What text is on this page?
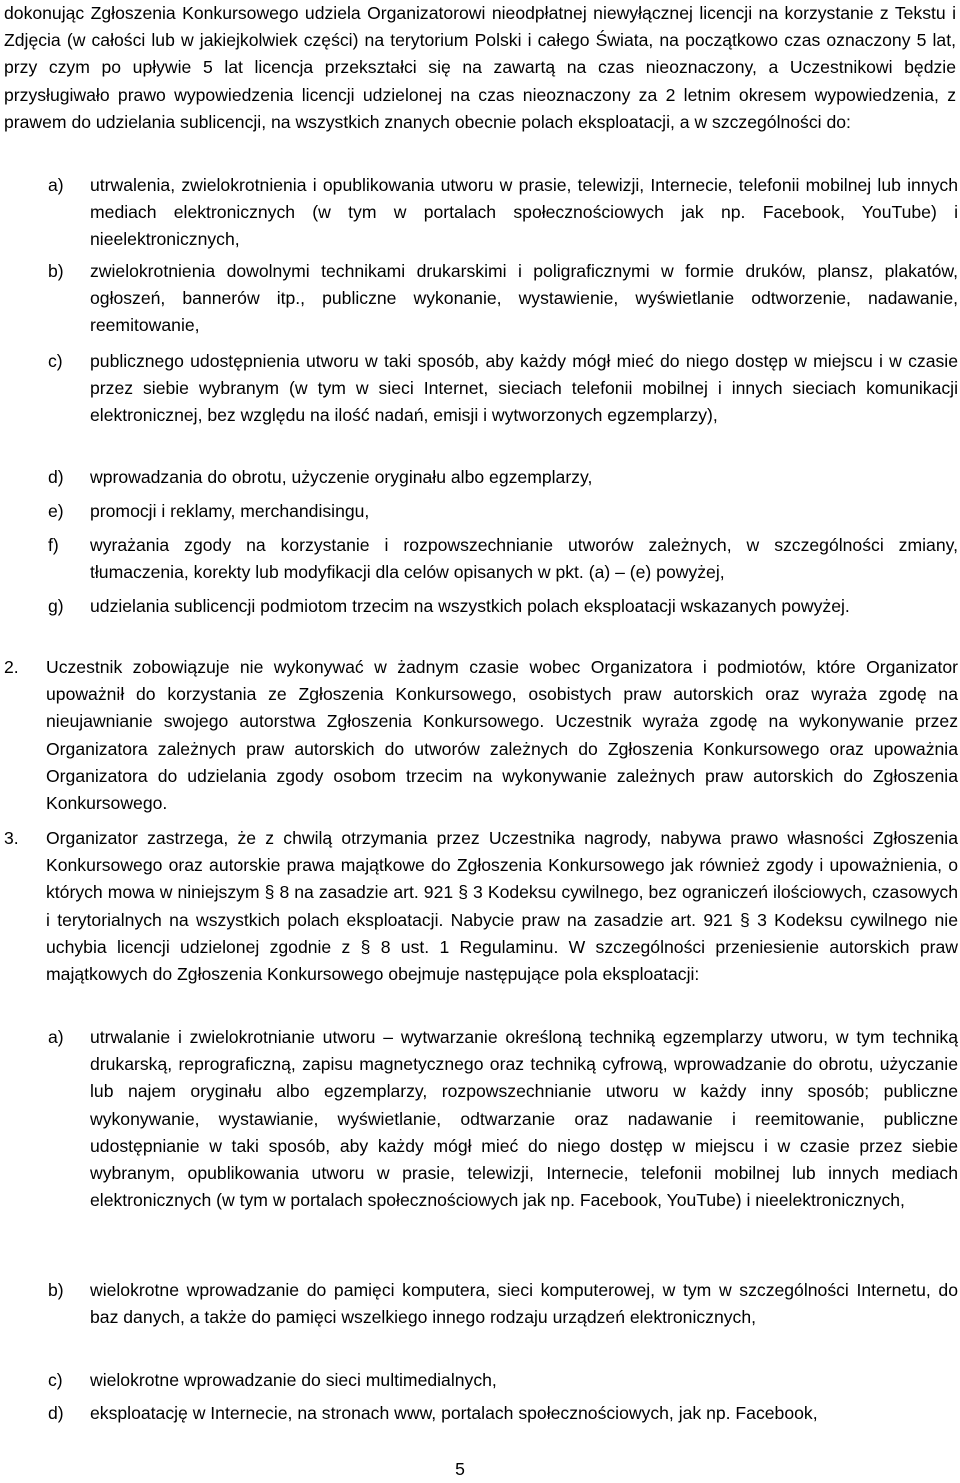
dokonując Zgłoszenia Konkursowego udziela Organizatorowi nieodpłatnej niewyłącznej licencji na korzystanie z Tekstu i Zdjęcia (w całości lub w jakiejkolwiek części) na terytorium Polski i całego Świata, na początkowo czas oznaczony 5 lat, przy czym po upływie 5 lat licencja przekształci się na zawartą na czas nieoznaczony, a Uczestnikowi będzie przysługiwało prawo wypowiedzenia licencji udzielonej na czas nieoznaczony za 2 letnim okresem wypowiedzenia, z prawem do udzielania sublicencji, na wszystkich znanych obecnie polach eksploatacji, a w szczególności do:

a)	utrwalenia, zwielokrotnienia i opublikowania utworu w prasie, telewizji, Internecie, telefonii mobilnej lub innych mediach elektronicznych (w tym w portalach społecznościowych jak np. Facebook, YouTube) i nieelektronicznych,
b)	zwielokrotnienia dowolnymi technikami drukarskimi i poligraficznymi w formie druków, plansz, plakatów, ogłoszeń, bannerów itp., publiczne wykonanie, wystawienie, wyświetlanie odtworzenie, nadawanie, reemitowanie,
c)	publicznego udostępnienia utworu w taki sposób, aby każdy mógł mieć do niego dostęp w miejscu i w czasie przez siebie wybranym (w tym w sieci Internet, sieciach telefonii mobilnej i innych sieciach komunikacji elektronicznej, bez względu na ilość nadań, emisji i wytworzonych egzemplarzy),
d)	wprowadzania do obrotu, użyczenie oryginału albo egzemplarzy,
e)	promocji i reklamy, merchandisingu,
f)	wyrażania zgody na korzystanie i rozpowszechnianie utworów zależnych, w szczególności zmiany, tłumaczenia, korekty lub modyfikacji dla celów opisanych w pkt. (a) – (e) powyżej,
g)	udzielania sublicencji podmiotom trzecim na wszystkich polach eksploatacji wskazanych powyżej.
2.	Uczestnik zobowiązuje nie wykonywać w żadnym czasie wobec Organizatora i podmiotów, które Organizator upoważnił do korzystania ze Zgłoszenia Konkursowego, osobistych praw autorskich oraz wyraża zgodę na nieujawnianie swojego autorstwa Zgłoszenia Konkursowego. Uczestnik wyraża zgodę na wykonywanie przez Organizatora zależnych praw autorskich do utworów zależnych do Zgłoszenia Konkursowego oraz upoważnia Organizatora do udzielania zgody osobom trzecim na wykonywanie zależnych praw autorskich do Zgłoszenia Konkursowego.
3.	Organizator zastrzega, że z chwilą otrzymania przez Uczestnika nagrody, nabywa prawo własności Zgłoszenia Konkursowego oraz autorskie prawa majątkowe do Zgłoszenia Konkursowego jak również zgody i upoważnienia, o których mowa w niniejszym § 8 na zasadzie art. 921 § 3 Kodeksu cywilnego, bez ograniczeń ilościowych, czasowych i terytorialnych na wszystkich polach eksploatacji. Nabycie praw na zasadzie art. 921 § 3 Kodeksu cywilnego nie uchybia licencji udzielonej zgodnie z § 8 ust. 1 Regulaminu. W szczególności przeniesienie autorskich praw majątkowych do Zgłoszenia Konkursowego obejmuje następujące pola eksploatacji:
a)	utrwalanie i zwielokrotnianie utworu – wytwarzanie określoną techniką egzemplarzy utworu, w tym techniką drukarską, reprograficzną, zapisu magnetycznego oraz techniką cyfrową, wprowadzanie do obrotu, użyczanie lub najem oryginału albo egzemplarzy, rozpowszechnianie utworu w każdy inny sposób; publiczne wykonywanie, wystawianie, wyświetlanie, odtwarzanie oraz nadawanie i reemitowanie, publiczne udostępnianie w taki sposób, aby każdy mógł mieć do niego dostęp w miejscu i w czasie przez siebie wybranym, opublikowania utworu w prasie, telewizji, Internecie, telefonii mobilnej lub innych mediach elektronicznych (w tym w portalach społecznościowych jak np. Facebook, YouTube) i nieelektronicznych,
b)	wielokrotne wprowadzanie do pamięci komputera, sieci komputerowej, w tym w szczególności Internetu, do baz danych, a także do pamięci wszelkiego innego rodzaju urządzeń elektronicznych,
c)	wielokrotne wprowadzanie do sieci multimedialnych,
d)	eksploatację w Internecie, na stronach www, portalach społecznościowych, jak np. Facebook,
5
